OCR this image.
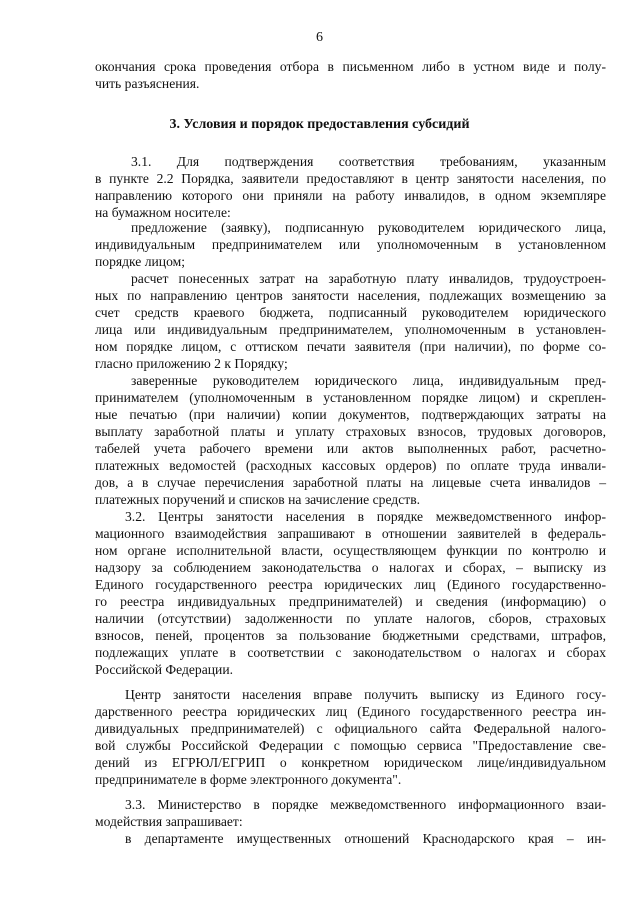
6
окончания срока проведения отбора в письменном либо в устном виде и полу-
чить разъяснения.
3. Условия и порядок предоставления субсидий
3.1. Для подтверждения соответствия требованиям, указанным
в пункте 2.2 Порядка, заявители предоставляют в центр занятости населения, по
направлению которого они приняли на работу инвалидов, в одном экземпляре
на бумажном носителе:
предложение (заявку), подписанную руководителем юридического лица,
индивидуальным предпринимателем или уполномоченным в установленном
порядке лицом;
расчет понесенных затрат на заработную плату инвалидов, трудоустроен-
ных по направлению центров занятости населения, подлежащих возмещению за
счет средств краевого бюджета, подписанный руководителем юридического
лица или индивидуальным предпринимателем, уполномоченным в установлен-
ном порядке лицом, с оттиском печати заявителя (при наличии), по форме со-
гласно приложению 2 к Порядку;
заверенные руководителем юридического лица, индивидуальным пред-
принимателем (уполномоченным в установленном порядке лицом) и скреплен-
ные печатью (при наличии) копии документов, подтверждающих затраты на
выплату заработной платы и уплату страховых взносов, трудовых договоров,
табелей учета рабочего времени или актов выполненных работ, расчетно-
платежных ведомостей (расходных кассовых ордеров) по оплате труда инвали-
дов, а в случае перечисления заработной платы на лицевые счета инвалидов –
платежных поручений и списков на зачисление средств.
3.2. Центры занятости населения в порядке межведомственного инфор-
мационного взаимодействия запрашивают в отношении заявителей в федераль-
ном органе исполнительной власти, осуществляющем функции по контролю и
надзору за соблюдением законодательства о налогах и сборах, – выписку из
Единого государственного реестра юридических лиц (Единого государственно-
го реестра индивидуальных предпринимателей) и сведения (информацию) о
наличии (отсутствии) задолженности по уплате налогов, сборов, страховых
взносов, пеней, процентов за пользование бюджетными средствами, штрафов,
подлежащих уплате в соответствии с законодательством о налогах и сборах
Российской Федерации.
Центр занятости населения вправе получить выписку из Единого госу-
дарственного реестра юридических лиц (Единого государственного реестра ин-
дивидуальных предпринимателей) с официального сайта Федеральной налого-
вой службы Российской Федерации с помощью сервиса "Предоставление све-
дений из ЕГРЮЛ/ЕГРИП о конкретном юридическом лице/индивидуальном
предпринимателе в форме электронного документа".
3.3. Министерство в порядке межведомственного информационного взаи-
модействия запрашивает:
в департаменте имущественных отношений Краснодарского края – ин-
